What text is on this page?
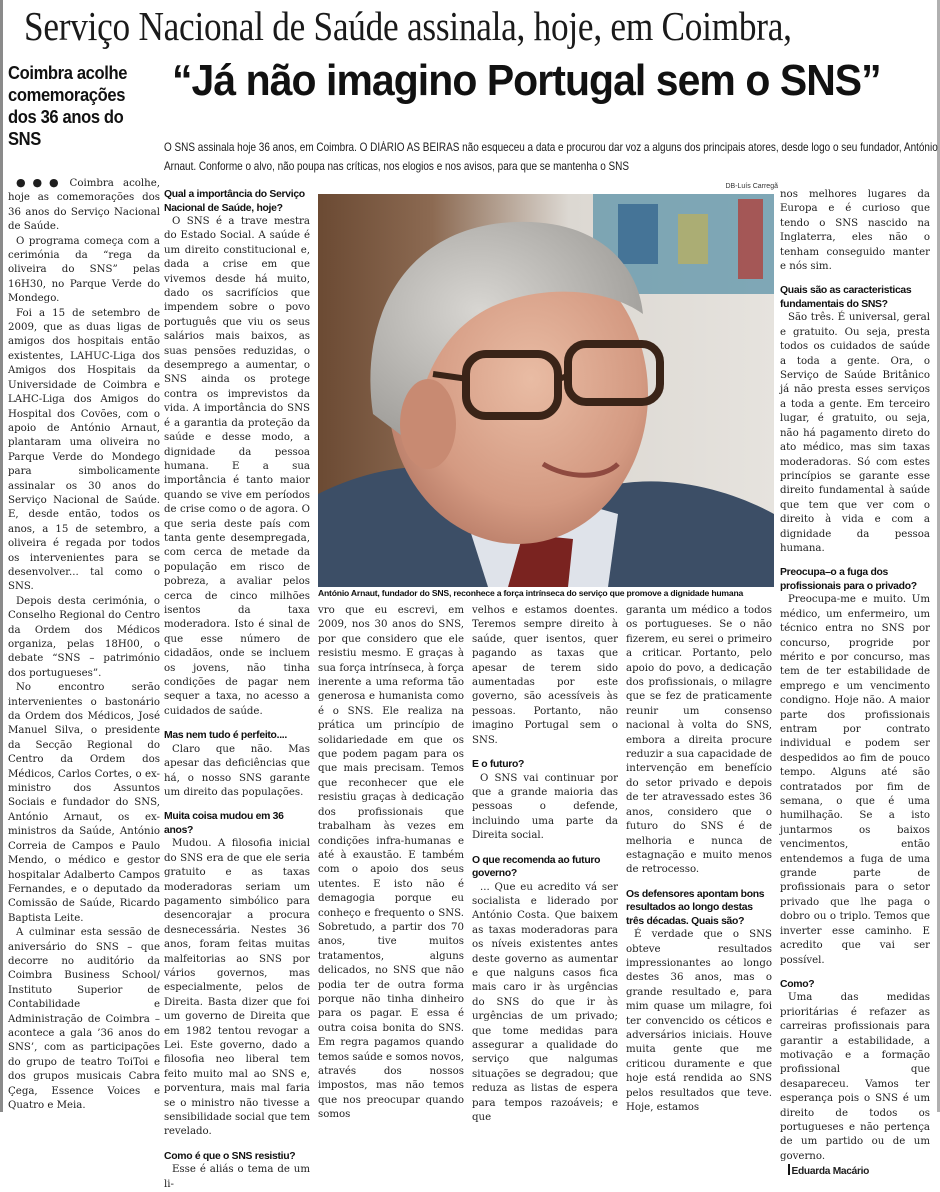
Serviço Nacional de Saúde assinala, hoje, em Coimbra,
Coimbra acolhe comemorações dos 36 anos do SNS
“Já não imagino Portugal sem o SNS”
O SNS assinala hoje 36 anos, em Coimbra. O DIÁRIO AS BEIRAS não esqueceu a data e procurou dar voz a alguns dos principais atores, desde logo o seu fundador, António Arnaut. Conforme o alvo, não poupa nas críticas, nos elogios e nos avisos, para que se mantenha o SNS

●●● Coimbra acolhe, hoje as comemorações dos 36 anos do Serviço Nacional de Saúde.

O programa começa com a cerimónia da “rega da oliveira do SNS” pelas 16H30, no Parque Verde do Mondego.

Foi a 15 de setembro de 2009, que as duas ligas de amigos dos hospitais então existentes, LAHUC-Liga dos Amigos dos Hospitais da Universidade de Coimbra e LAHC-Liga dos Amigos do Hospital dos Covões, com o apoio de António Arnaut, plantaram uma oliveira no Parque Verde do Mondego para simbolicamente assinalar os 30 anos do Serviço Nacional de Saúde. E, desde então, todos os anos, a 15 de setembro, a oliveira é regada por todos os intervenientes para se desenvolver... tal como o SNS.

Depois desta cerimónia, o Conselho Regional do Centro da Ordem dos Médicos organiza, pelas 18H00, o debate “SNS – património dos portugueses”.

No encontro serão intervenientes o bastonário da Ordem dos Médicos, José Manuel Silva, o presidente da Secção Regional do Centro da Ordem dos Médicos, Carlos Cortes, o ex-ministro dos Assuntos Sociais e fundador do SNS, António Arnaut, os ex-ministros da Saúde, António Correia de Campos e Paulo Mendo, o médico e gestor hospitalar Adalberto Campos Fernandes, e o deputado da Comissão de Saúde, Ricardo Baptista Leite.

A culminar esta sessão de aniversário do SNS – que decorre no auditório da Coimbra Business School/ Instituto Superior de Contabilidade e Administração de Coimbra – acontece a gala ’36 anos do SNS’, com as participações do grupo de teatro ToiToi e dos grupos musicais Cabra Çega, Essence Voices e Quatro e Meia.

Qual a importância do Serviço Nacional de Saúde, hoje?

O SNS é a trave mestra do Estado Social. A saúde é um direito constitucional e, dada a crise em que vivemos desde há muito, dado os sacrifícios que impendem sobre o povo português que viu os seus salários mais baixos, as suas pensões reduzidas, o desemprego a aumentar, o SNS ainda os protege contra os imprevistos da vida. A importância do SNS é a garantia da proteção da saúde e desse modo, a dignidade da pessoa humana. E a sua importância é tanto maior quando se vive em períodos de crise como o de agora. O que seria deste país com tanta gente desempregada, com cerca de metade da população em risco de pobreza, a avaliar pelos cerca de cinco milhões isentos da taxa moderadora. Isto é sinal de que esse número de cidadãos, onde se incluem os jovens, não tinha condições de pagar nem sequer a taxa, no acesso a cuidados de saúde.

Mas nem tudo é perfeito....

Claro que não. Mas apesar das deficiências que há, o nosso SNS garante um direito das populações.

Muita coisa mudou em 36 anos?

Mudou. A filosofia inicial do SNS era de que ele seria gratuito e as taxas moderadoras seriam um pagamento simbólico para desencorajar a procura desnecessária. Nestes 36 anos, foram feitas muitas malfeitorias ao SNS por vários governos, mas especialmente, pelos de Direita. Basta dizer que foi um governo de Direita que em 1982 tentou revogar a Lei. Este governo, dado a filosofia neo liberal tem feito muito mal ao SNS e, porventura, mais mal faria se o ministro não tivesse a sensibilidade social que tem revelado.

Como é que o SNS resistiu?

Esse é aliás o tema de um li-

DB-Luís Carregã
António Arnaut, fundador do SNS, reconhece a força intrínseca do serviço que promove a dignidade humana

vro que eu escrevi, em 2009, nos 30 anos do SNS, por que considero que ele resistiu mesmo. E graças à sua força intrínseca, à força inerente a uma reforma tão generosa e humanista como é o SNS. Ele realiza na prática um princípio de solidariedade em que os que podem pagam para os que mais precisam. Temos que reconhecer que ele resistiu graças à dedicação dos profissionais que trabalham às vezes em condições infra-humanas e até à exaustão. E também com o apoio dos seus utentes. E isto não é demagogia porque eu conheço e frequento o SNS. Sobretudo, a partir dos 70 anos, tive muitos tratamentos, alguns delicados, no SNS que não podia ter de outra forma porque não tinha dinheiro para os pagar. E essa é outra coisa bonita do SNS. Em regra pagamos quando temos saúde e somos novos, através dos nossos impostos, mas não temos que nos preocupar quando somos

velhos e estamos doentes. Teremos sempre direito à saúde, quer isentos, quer pagando as taxas que apesar de terem sido aumentadas por este governo, são acessíveis às pessoas. Portanto, não imagino Portugal sem o SNS.

E o futuro?

O SNS vai continuar por que a grande maioria das pessoas o defende, incluindo uma parte da Direita social.

O que recomenda ao futuro governo?

... Que eu acredito vá ser socialista e liderado por António Costa. Que baixem as taxas moderadoras para os níveis existentes antes deste governo as aumentar e que nalguns casos fica mais caro ir às urgências do SNS do que ir às urgências de um privado; que tome medidas para assegurar a qualidade do serviço que nalgumas situações se degradou; que reduza as listas de espera para tempos razoáveis; e que

garanta um médico a todos os portugueses. Se o não fizerem, eu serei o primeiro a criticar. Portanto, pelo apoio do povo, a dedicação dos profissionais, o milagre que se fez de praticamente reunir um consenso nacional à volta do SNS, embora a direita procure reduzir a sua capacidade de intervenção em benefício do setor privado e depois de ter atravessado estes 36 anos, considero que o futuro do SNS é de melhoria e nunca de estagnação e muito menos de retrocesso.

Os defensores apontam bons resultados ao longo destas três décadas. Quais são?

É verdade que o SNS obteve resultados impressionantes ao longo destes 36 anos, mas o grande resultado e, para mim quase um milagre, foi ter convencido os céticos e adversários iniciais. Houve muita gente que me criticou duramente e que hoje está rendida ao SNS pelos resultados que teve. Hoje, estamos

nos melhores lugares da Europa e é curioso que tendo o SNS nascido na Inglaterra, eles não o tenham conseguido manter e nós sim.

Quais são as caracteristicas fundamentais do SNS?

São três. É universal, geral e gratuito. Ou seja, presta todos os cuidados de saúde a toda a gente. Ora, o Serviço de Saúde Britânico já não presta esses serviços a toda a gente. Em terceiro lugar, é gratuito, ou seja, não há pagamento direto do ato médico, mas sim taxas moderadoras. Só com estes princípios se garante esse direito fundamental à saúde que tem que ver com o direito à vida e com a dignidade da pessoa humana.

Preocupa–o a fuga dos profissionais para o privado?

Preocupa-me e muito. Um médico, um enfermeiro, um técnico entra no SNS por concurso, progride por mérito e por concurso, mas tem de ter estabilidade de emprego e um vencimento condigno. Hoje não. A maior parte dos profissionais entram por contrato individual e podem ser despedidos ao fim de pouco tempo. Alguns até são contratados por fim de semana, o que é uma humilhação. Se a isto juntarmos os baixos vencimentos, então entendemos a fuga de uma grande parte de profissionais para o setor privado que lhe paga o dobro ou o triplo. Temos que inverter esse caminho. E acredito que vai ser possível.

Como?

Uma das medidas prioritárias é refazer as carreiras profissionais para garantir a estabilidade, a motivação e a formação profissional que desapareceu. Vamos ter esperança pois o SNS é um direito de todos os portugueses e não pertença de um partido ou de um governo.

Eduarda Macário
